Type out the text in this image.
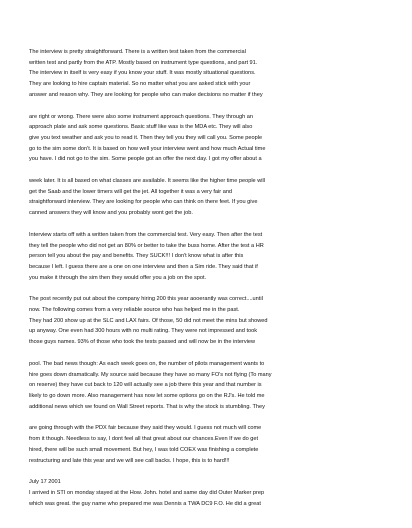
The interview is pretty straightforward. There is a written test taken from the commercial
written test and partly from the ATP. Mostly based on instrument type questions, and part 91.
The interview in itself is very easy if you know your stuff. It was mostly situational questions.
They are looking to hire captain material. So no matter what you are asked stick with your
answer and reason why. They are looking for people who can make decisions no matter if they
are right or wrong. There were also some instrument approach questions. They through an
approach plate and ask some questions. Basic stuff like was is the MDA etc. They will also
give you text weather and ask you to read it. Then they tell you they will call you. Some people
go to the sim some don't. It is based on how well your interview went and how much Actual time
you have. I did not go to the sim. Some people got an offer the next day. I got my offer about a
week later. It is all based on what classes are available. It seems like the higher time people will
get the Saab and the lower timers will get the jet. All together it was a very fair and
straightforward interview. They are looking for people who can think on there feet. If you give
canned answers they will know and you probably wont get the job.
Interview starts off with a written taken from the commercial test. Very easy. Then after the test
they tell the people who did not get an 80% or better to take the buss home. After the test a HR
person tell you about the pay and benefits. They SUCK!!! I don't know what is after this
because I left. I guess there are a one on one interview and then a Sim ride. They said that if
you make it through the sim then they would offer you a job on the spot.
The post recently put out about the company hiring 200 this year aooerantly was correct....until
now. The following comes from a very reliable source who has helped me in the past.
They had 200 show up at the SLC and LAX fairs. Of those, 50 did not meet the mins but showed
up anyway. One even had 300 hours with no multi rating. They were not impressed and took
those guys names. 93% of those who took the tests passed and will now be in the interview
pool. The bad news though: As each week goes on, the number of pilots management wants to
hire goes down dramatically. My source said because they have so many FO's not flying (To many
on reserve) they have cut back to 120 will actually see a job there this year and that number is
likely to go down more. Also management has now let some options go on the RJ's. He told me
additional news which we found on Wall Street reports. That is why the stock is stumbling. They
are going through with the PDX fair because they said they would. I guess not much will come
from it though. Needless to say, I dont feel all that great about our chances.Even If we do get
hired, there will be such small movement. But hey, I was told COEX was finishing a complete
restructuring and late this year and we will see call backs. I hope, this is to hard!!!
July 17 2001
I arrived in STI on monday stayed at the How. John. hotel and same day did Outer Marker prep
which was great. the guy name who prepared me was Dennis a TWA DC9 F.O. He did a great
